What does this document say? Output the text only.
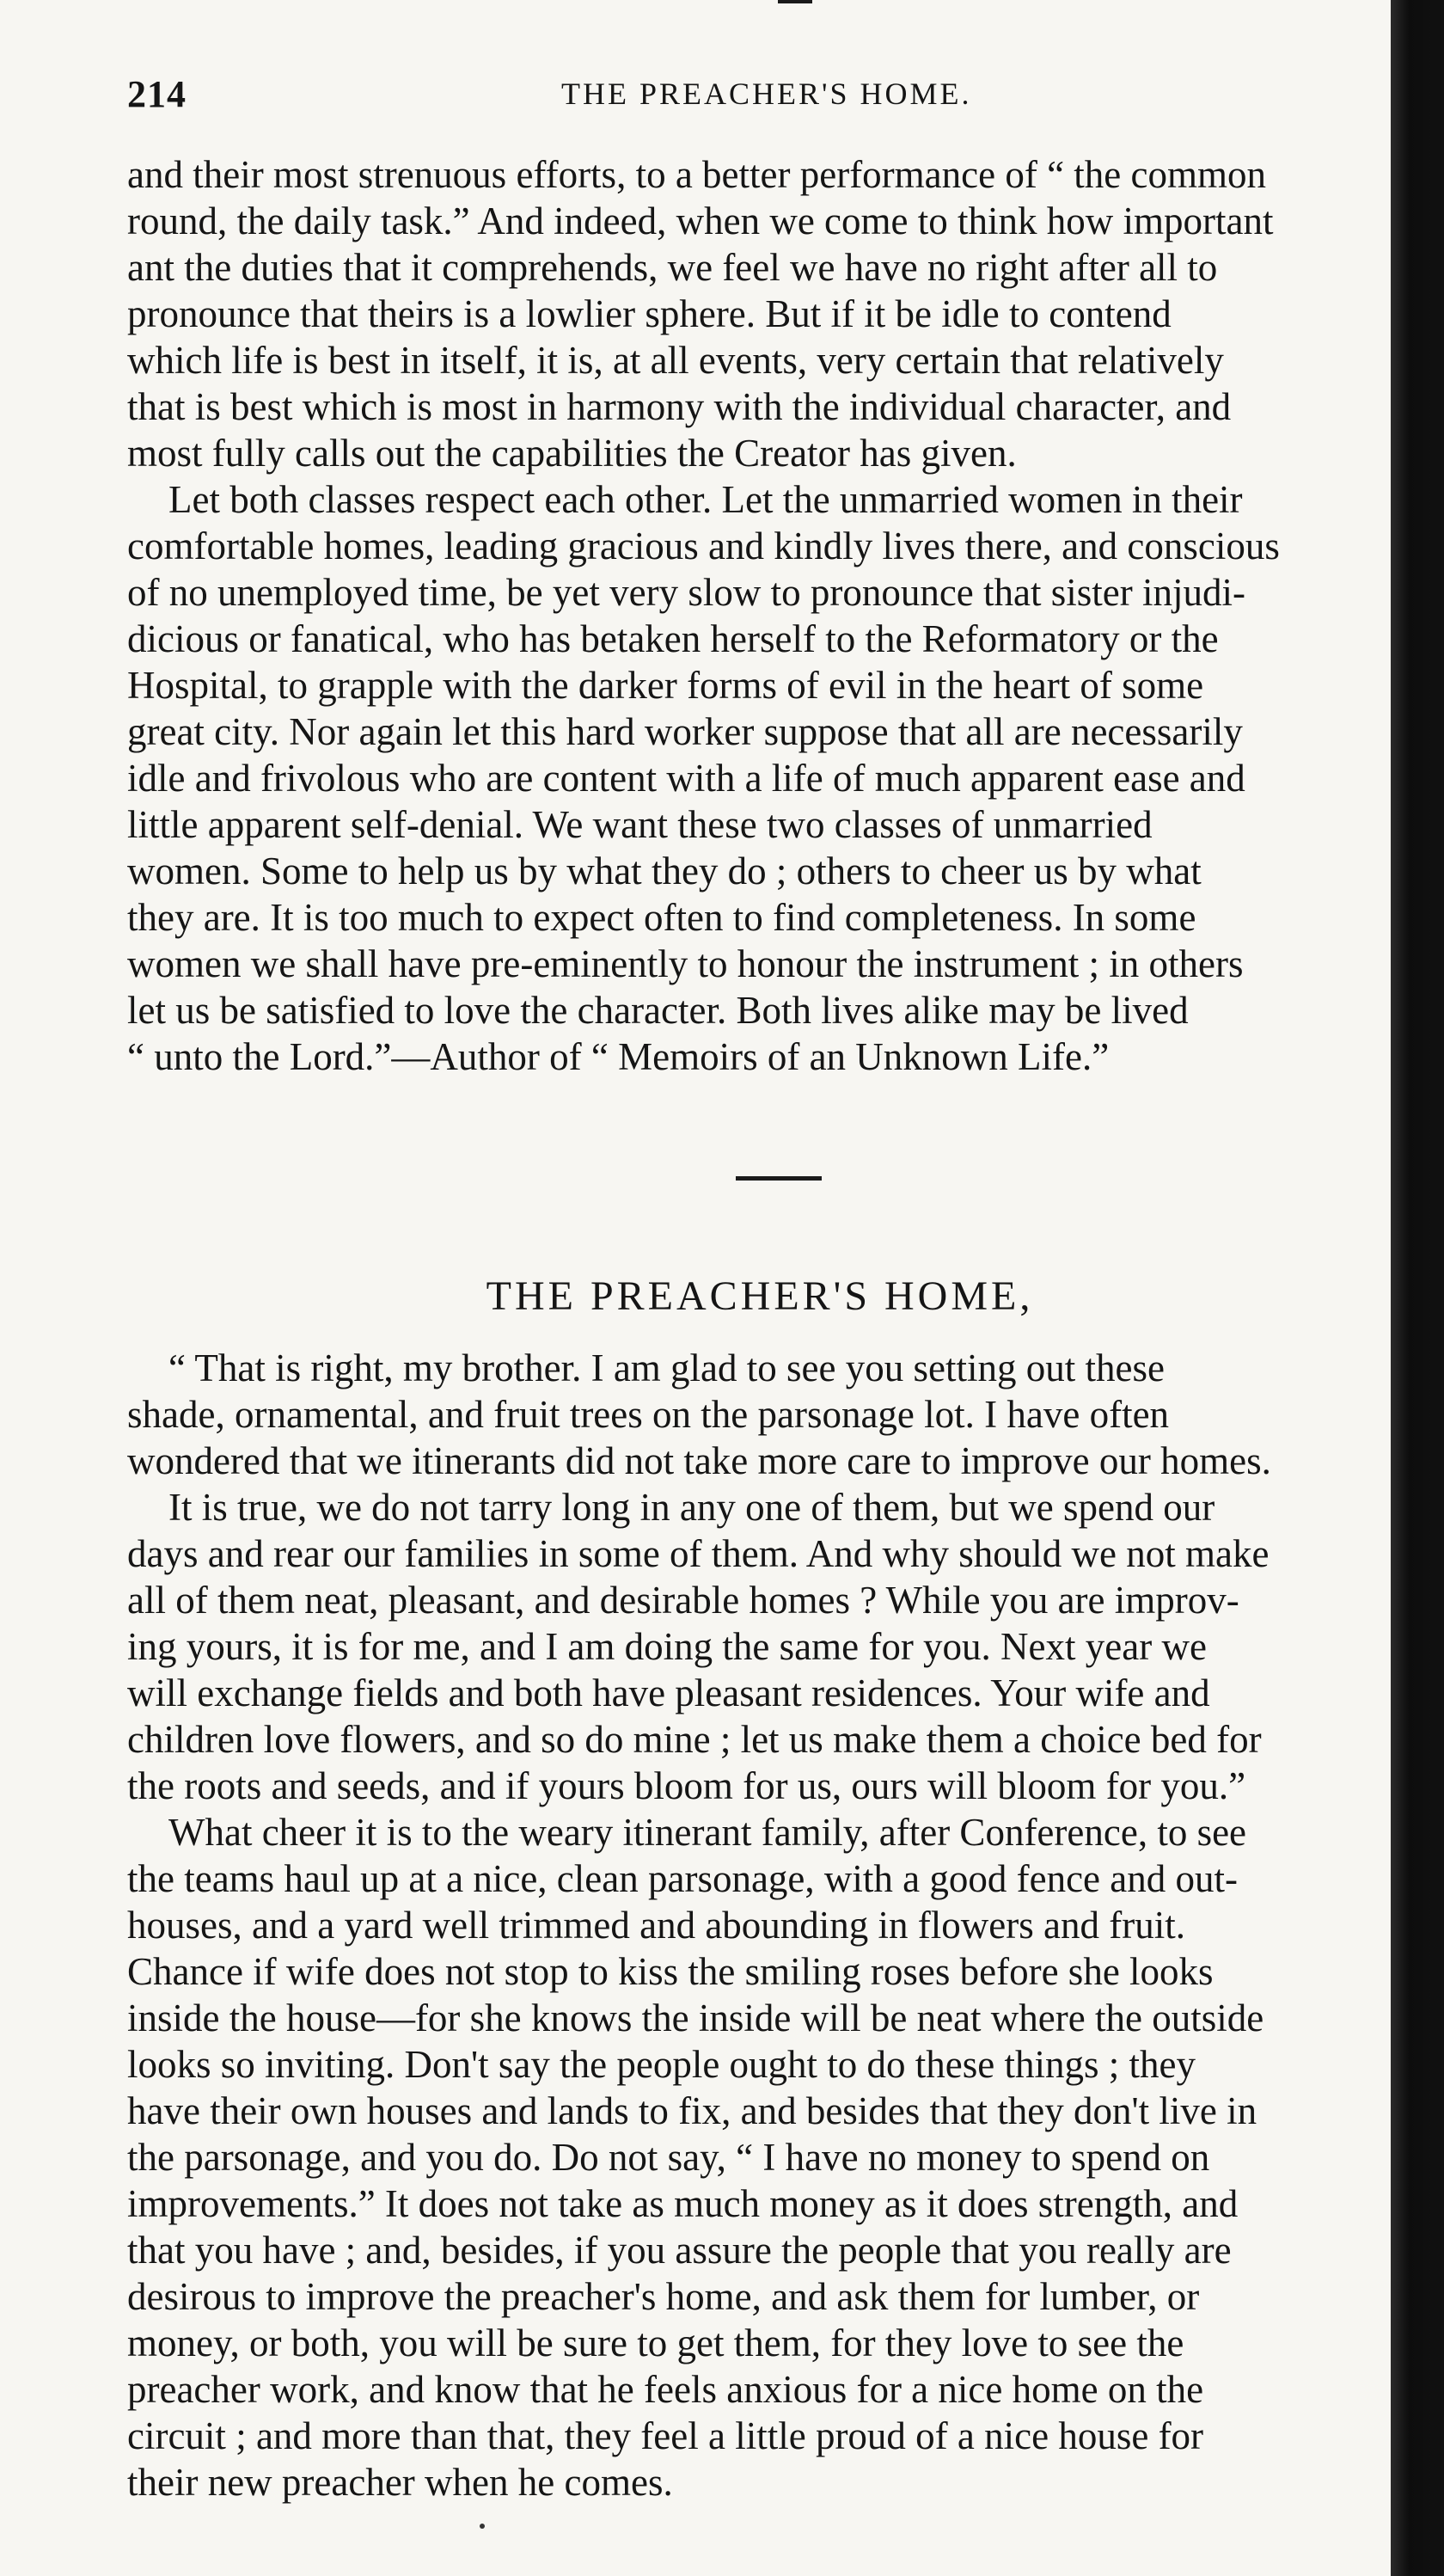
214	THE PREACHER'S HOME.
and their most strenuous efforts, to a better performance of “ the common
round, the daily task.” And indeed, when we come to think how important
ant the duties that it comprehends, we feel we have no right after all to
pronounce that theirs is a lowlier sphere. But if it be idle to contend
which life is best in itself, it is, at all events, very certain that relatively
that is best which is most in harmony with the individual character, and
most fully calls out the capabilities the Creator has given.
Let both classes respect each other. Let the unmarried women in their
comfortable homes, leading gracious and kindly lives there, and conscious
of no unemployed time, be yet very slow to pronounce that sister injudi-
dicious or fanatical, who has betaken herself to the Reformatory or the
Hospital, to grapple with the darker forms of evil in the heart of some
great city. Nor again let this hard worker suppose that all are necessarily
idle and frivolous who are content with a life of much apparent ease and
little apparent self-denial. We want these two classes of unmarried
women. Some to help us by what they do ; others to cheer us by what
they are. It is too much to expect often to find completeness. In some
women we shall have pre-eminently to honour the instrument ; in others
let us be satisfied to love the character. Both lives alike may be lived
“ unto the Lord.”—Author of “ Memoirs of an Unknown Life.”
THE PREACHER'S HOME,
“ That is right, my brother. I am glad to see you setting out these
shade, ornamental, and fruit trees on the parsonage lot. I have often
wondered that we itinerants did not take more care to improve our homes.
It is true, we do not tarry long in any one of them, but we spend our
days and rear our families in some of them. And why should we not make
all of them neat, pleasant, and desirable homes ? While you are improv-
ing yours, it is for me, and I am doing the same for you. Next year we
will exchange fields and both have pleasant residences. Your wife and
children love flowers, and so do mine ; let us make them a choice bed for
the roots and seeds, and if yours bloom for us, ours will bloom for you.”
What cheer it is to the weary itinerant family, after Conference, to see
the teams haul up at a nice, clean parsonage, with a good fence and out-
houses, and a yard well trimmed and abounding in flowers and fruit.
Chance if wife does not stop to kiss the smiling roses before she looks
inside the house—for she knows the inside will be neat where the outside
looks so inviting. Don't say the people ought to do these things ; they
have their own houses and lands to fix, and besides that they don't live in
the parsonage, and you do. Do not say, “ I have no money to spend on
improvements.” It does not take as much money as it does strength, and
that you have ; and, besides, if you assure the people that you really are
desirous to improve the preacher's home, and ask them for lumber, or
money, or both, you will be sure to get them, for they love to see the
preacher work, and know that he feels anxious for a nice home on the
circuit ; and more than that, they feel a little proud of a nice house for
their new preacher when he comes.
